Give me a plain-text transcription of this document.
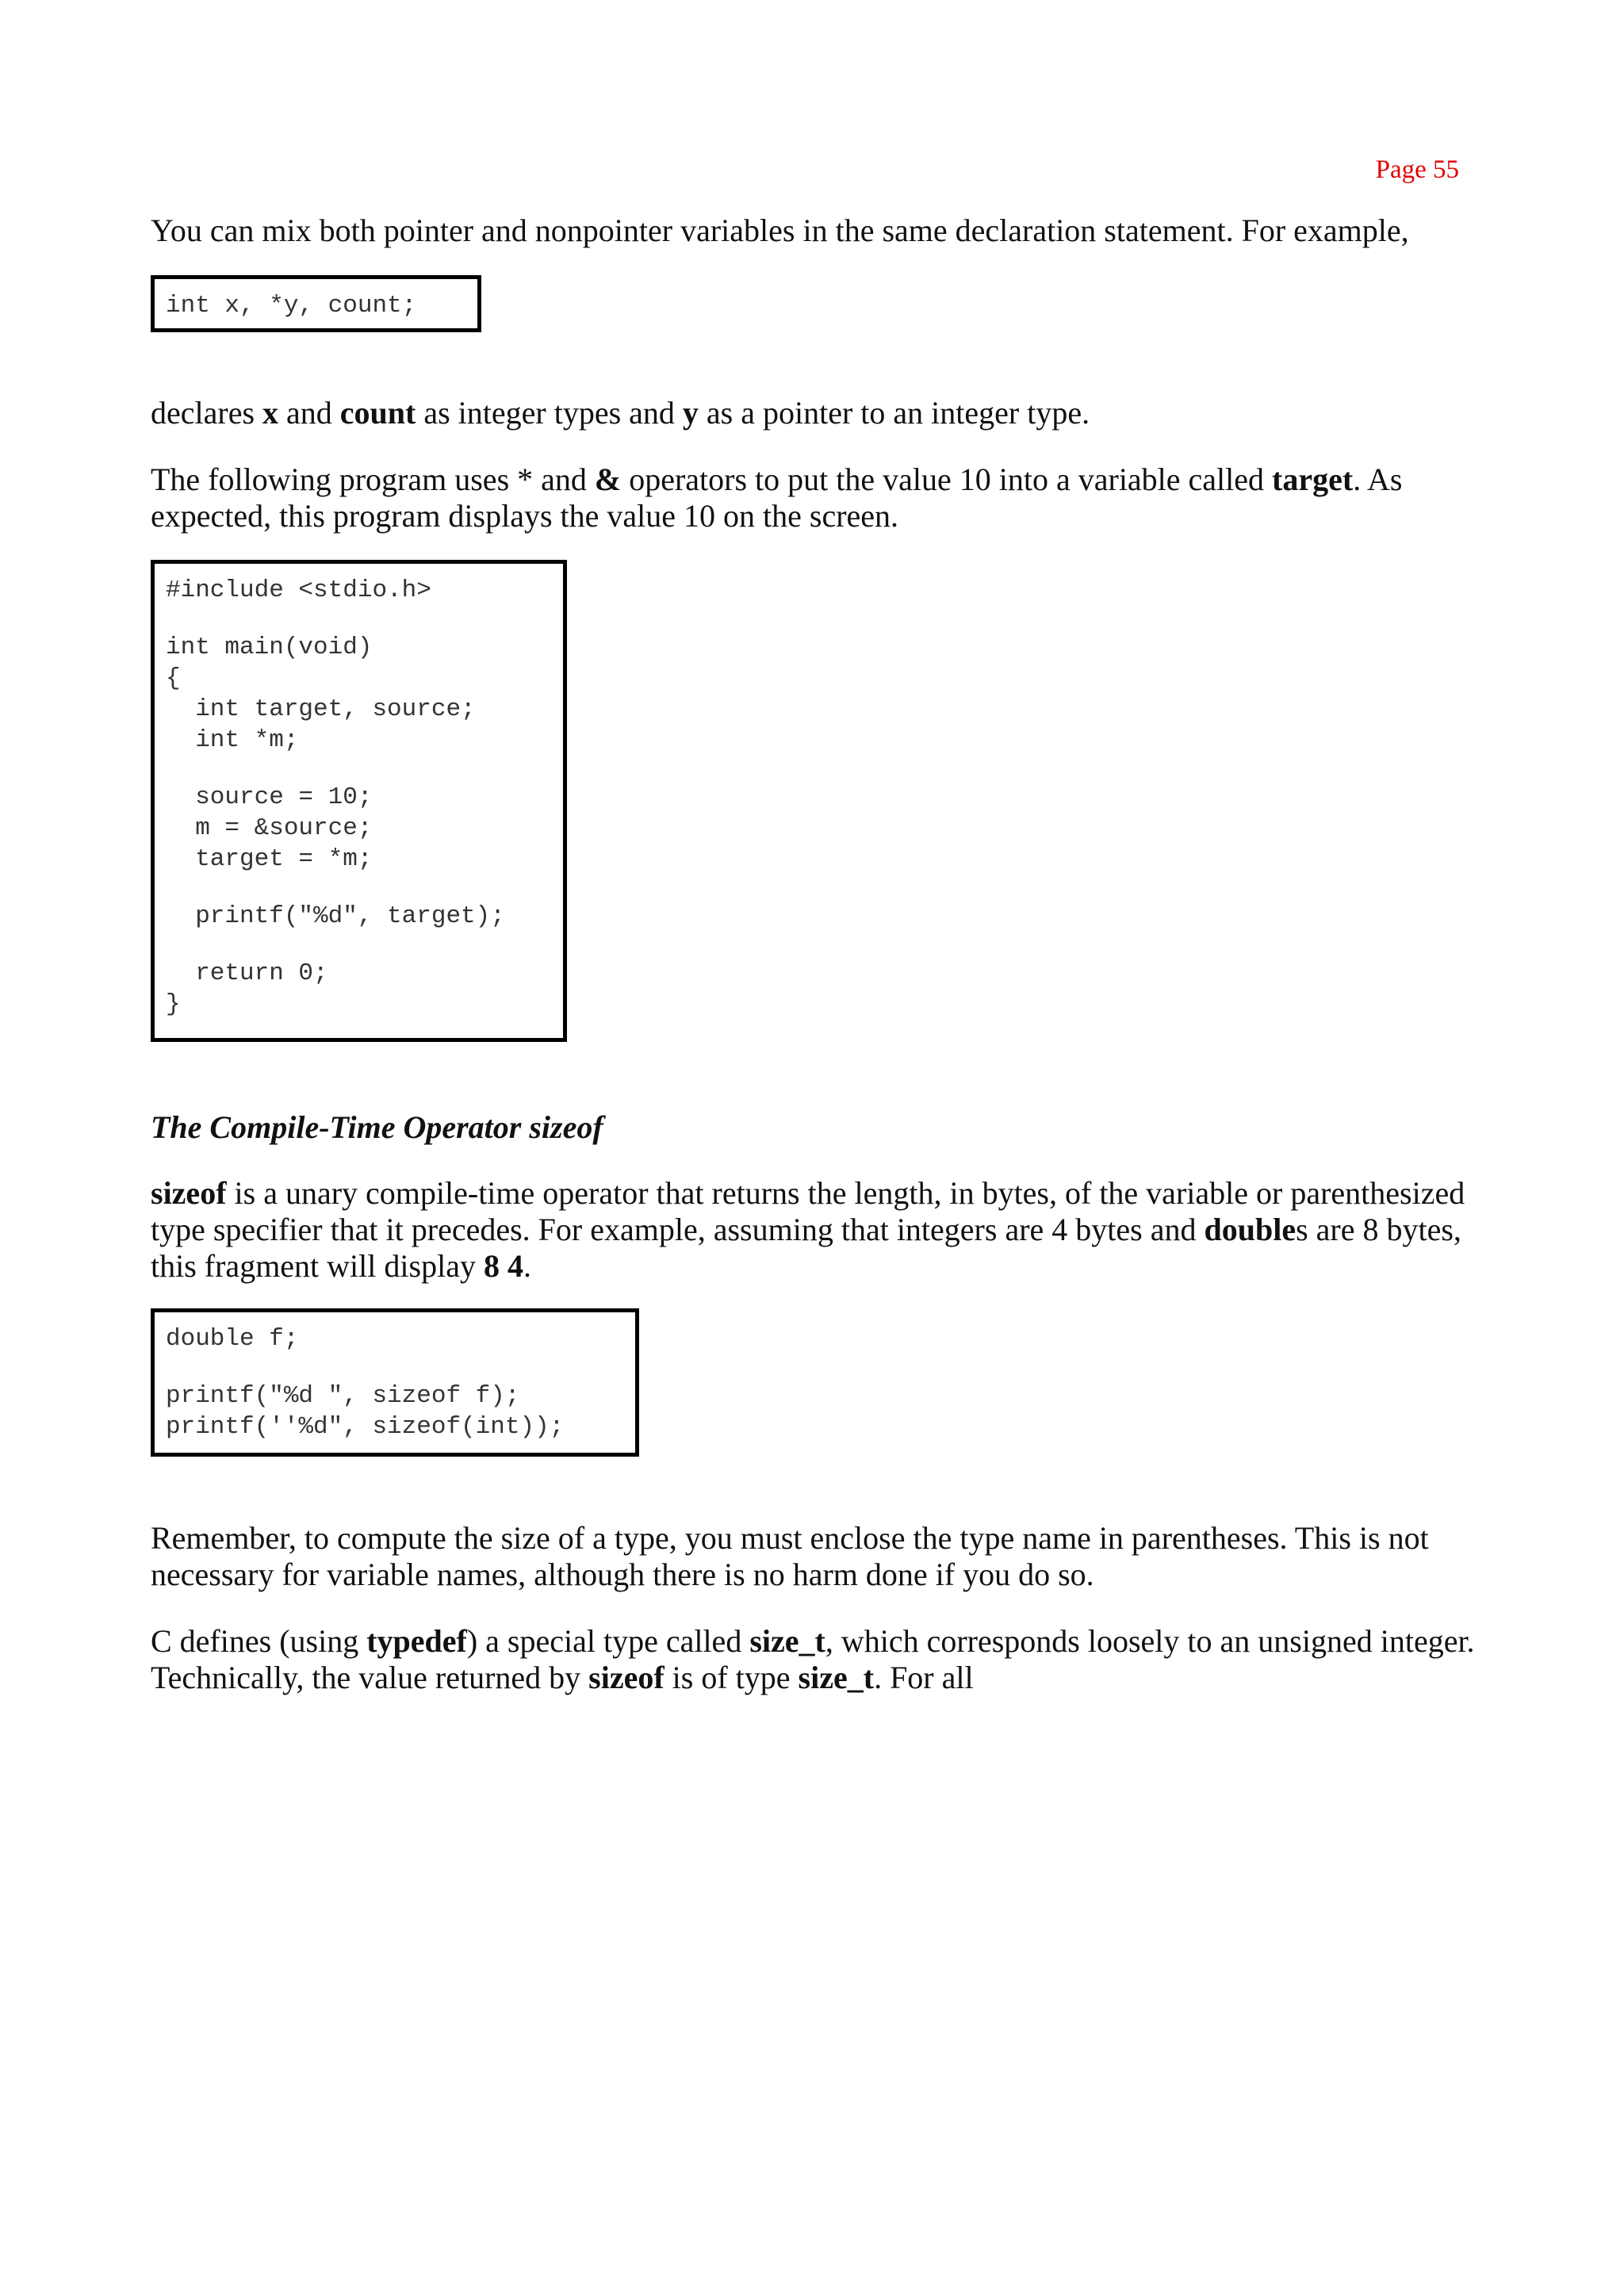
Page 55

You can mix both pointer and nonpointer variables in the same declaration statement. For example,

int x, *y, count;

declares x and count as integer types and y as a pointer to an integer type.

The following program uses * and & operators to put the value 10 into a variable called target. As expected, this program displays the value 10 on the screen.

#include <stdio.h>
int main(void)
{
int target, source;
int *m;
source = 10;
m = &source;
target = *m;
printf("%d", target);
return 0;
}
The Compile-Time Operator sizeof

sizeof is a unary compile-time operator that returns the length, in bytes, of the variable or parenthesized type specifier that it precedes. For example, assuming that integers are 4 bytes and doubles are 8 bytes, this fragment will display 8 4.

double f;
printf("%d ", sizeof f);
printf(''%d", sizeof(int));

Remember, to compute the size of a type, you must enclose the type name in parentheses. This is not necessary for variable names, although there is no harm done if you do so.

C defines (using typedef) a special type called size_t, which corresponds loosely to an unsigned integer. Technically, the value returned by sizeof is of type size_t. For all
